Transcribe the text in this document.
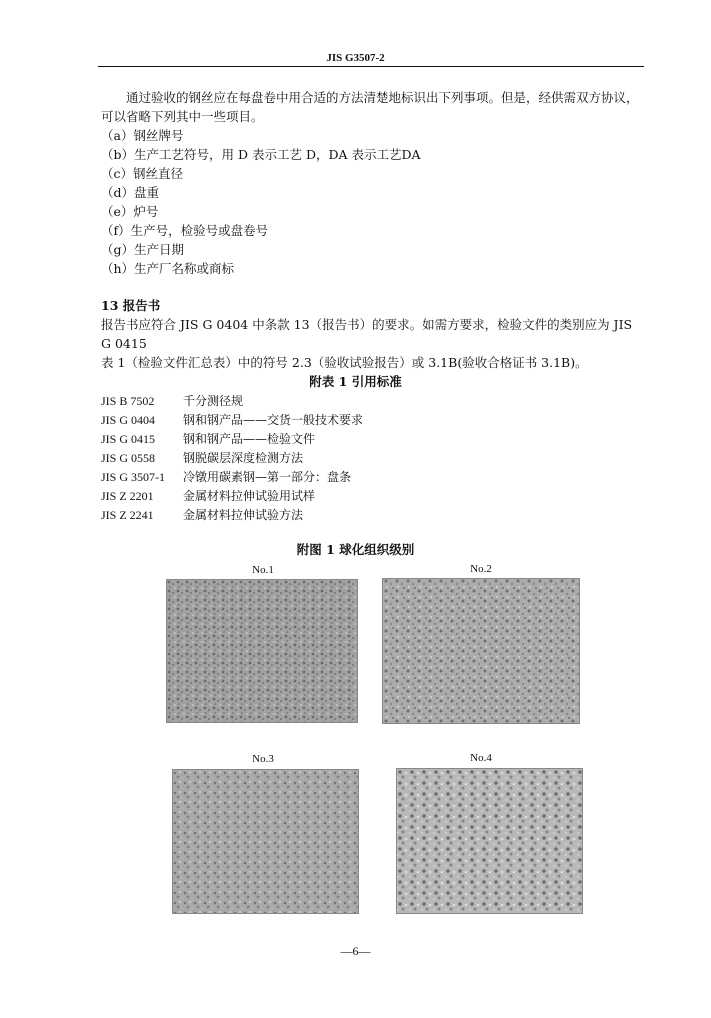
JIS G3507-2

通过验收的钢丝应在每盘卷中用合适的方法清楚地标识出下列事项。但是，经供需双方协议，

可以省略下列其中一些项目。

（a）钢丝牌号
（b）生产工艺符号，用 D 表示工艺 D，DA 表示工艺DA
（c）钢丝直径
（d）盘重
（e）炉号
（f）生产号，检验号或盘卷号
（g）生产日期
（h）生产厂名称或商标
13 报告书

报告书应符合 JIS G 0404 中条款 13（报告书）的要求。如需方要求，检验文件的类别应为 JIS G 0415

表 1（检验文件汇总表）中的符号 2.3（验收试验报告）或 3.1B(验收合格证书 3.1B)。

附表 1 引用标准
JIS B 7502	千分测径规
JIS G 0404	钢和钢产品——交货一般技术要求
JIS G 0415	钢和钢产品——检验文件
JIS G 0558	钢脱碳层深度检测方法
JIS G 3507-1	冷镦用碳素钢—第一部分：盘条
JIS Z 2201	金属材料拉伸试验用试样
JIS Z 2241	金属材料拉伸试验方法
附图 1 球化组织级别
No.1	No.2
No.3	No.4
—6—
